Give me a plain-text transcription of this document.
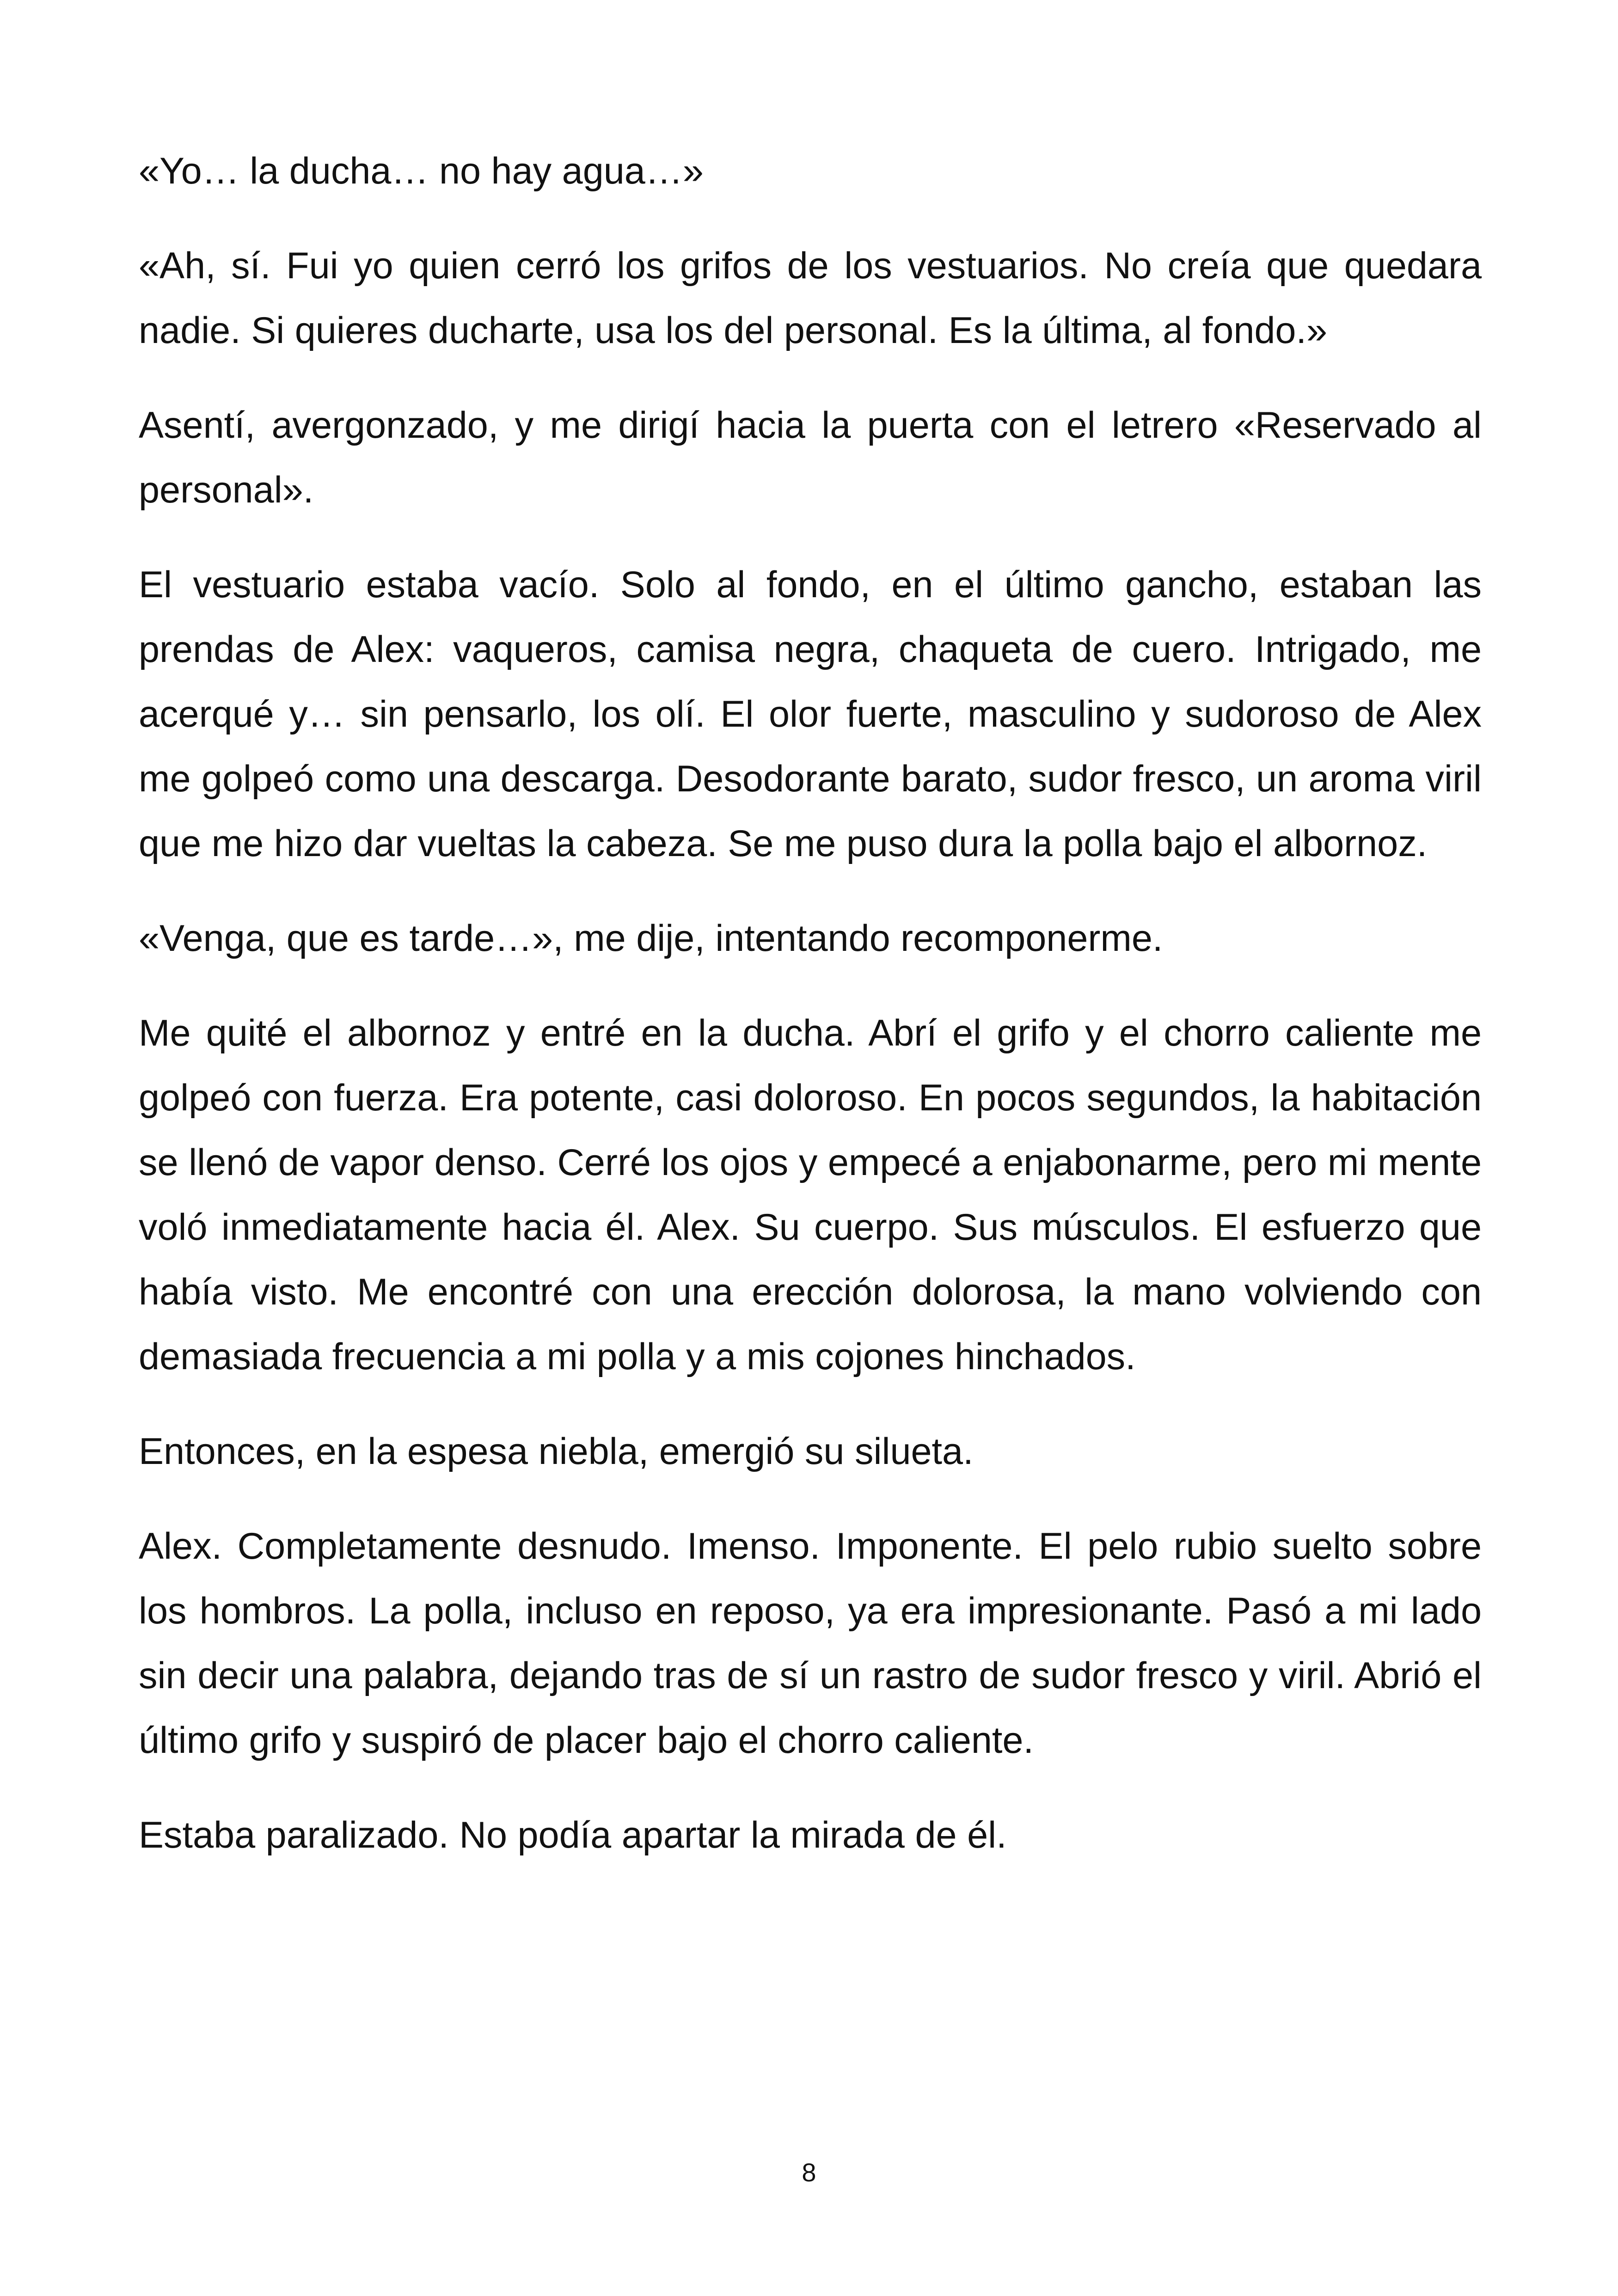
«Yo… la ducha… no hay agua…»

«Ah, sí. Fui yo quien cerró los grifos de los vestuarios. No creía que quedara nadie. Si quieres ducharte, usa los del personal. Es la última, al fondo.»

Asentí, avergonzado, y me dirigí hacia la puerta con el letrero «Reservado al personal».

El vestuario estaba vacío. Solo al fondo, en el último gancho, estaban las prendas de Alex: vaqueros, camisa negra, chaqueta de cuero. Intrigado, me acerqué y… sin pensarlo, los olí. El olor fuerte, masculino y sudoroso de Alex me golpeó como una descarga. Desodorante barato, sudor fresco, un aroma viril que me hizo dar vueltas la cabeza. Se me puso dura la polla bajo el albornoz.

«Venga, que es tarde…», me dije, intentando recomponerme.

Me quité el albornoz y entré en la ducha. Abrí el grifo y el chorro caliente me golpeó con fuerza. Era potente, casi doloroso. En pocos segundos, la habitación se llenó de vapor denso. Cerré los ojos y empecé a enjabonarme, pero mi mente voló inmediatamente hacia él. Alex. Su cuerpo. Sus músculos. El esfuerzo que había visto. Me encontré con una erección dolorosa, la mano volviendo con demasiada frecuencia a mi polla y a mis cojones hinchados.

Entonces, en la espesa niebla, emergió su silueta.

Alex. Completamente desnudo. Imenso. Imponente. El pelo rubio suelto sobre los hombros. La polla, incluso en reposo, ya era impresionante. Pasó a mi lado sin decir una palabra, dejando tras de sí un rastro de sudor fresco y viril. Abrió el último grifo y suspiró de placer bajo el chorro caliente.

Estaba paralizado. No podía apartar la mirada de él.

8
